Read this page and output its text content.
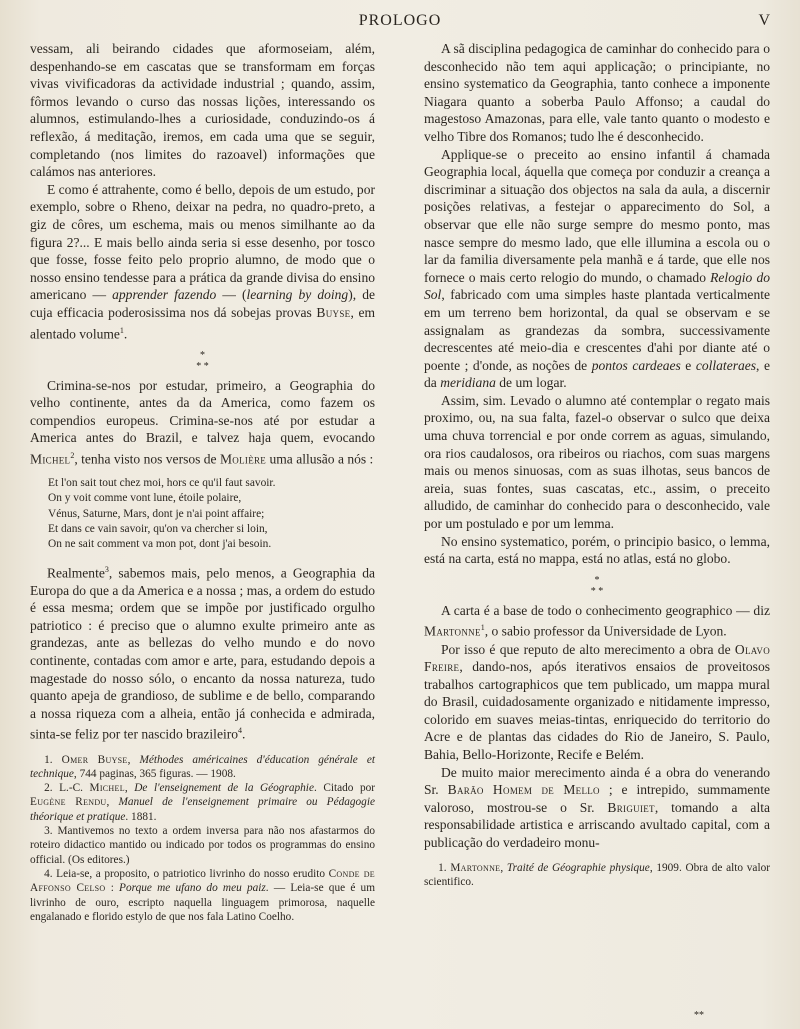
PROLOGO	V

vessam, ali beirando cidades que aformoseiam, além, despenhando-se em cascatas que se transformam em forças vivas vivificadoras da actividade industrial ; quando, assim, fôrmos levando o curso das nossas lições, interessando os alumnos, estimulando-lhes a curiosidade, conduzindo-os á reflexão, á meditação, iremos, em cada uma que se seguir, completando (nos limites do razoavel) informações que calámos nas anteriores.

E como é attrahente, como é bello, depois de um estudo, por exemplo, sobre o Rheno, deixar na pedra, no quadro-preto, a giz de côres, um eschema, mais ou menos similhante ao da figura 2?... E mais bello ainda seria si esse desenho, por tosco que fosse, fosse feito pelo proprio alumno, de modo que o nosso ensino tendesse para a prática da grande divisa do ensino americano — apprender fazendo — (learning by doing), de cuja efficacia poderosissima nos dá sobejas provas Buyse, em alentado volume$^1$.

*
* *

Crimina-se-nos por estudar, primeiro, a Geographia do velho continente, antes da da America, como fazem os compendios europeus. Crimina-se-nos até por estudar a America antes do Brazil, e talvez haja quem, evocando Michel$^2$, tenha visto nos versos de Molière uma allusão a nós :

Et l'on sait tout chez moi, hors ce qu'il faut savoir.
On y voit comme vont lune, étoile polaire,
Vénus, Saturne, Mars, dont je n'ai point affaire;
Et dans ce vain savoir, qu'on va chercher si loin,
On ne sait comment va mon pot, dont j'ai besoin.

Realmente$^3$, sabemos mais, pelo menos, a Geographia da Europa do que a da America e a nossa ; mas, a ordem do estudo é essa mesma; ordem que se impõe por justificado orgulho patriotico : é preciso que o alumno exulte primeiro ante as grandezas, ante as bellezas do velho mundo e do novo continente, contadas com amor e arte, para, estudando depois a magestade do nosso sólo, o encanto da nossa natureza, tudo quanto apeja de grandioso, de sublime e de bello, comparando a nossa riqueza com a alheia, então já conhecida e admirada, sinta-se feliz por ter nascido brazileiro$^4$.

1. Omer Buyse, Méthodes américaines d'éducation générale et technique, 744 paginas, 365 figuras. — 1908.

2. L.-C. Michel, De l'enseignement de la Géographie. Citado por Eugène Rendu, Manuel de l'enseignement primaire ou Pédagogie théorique et pratique. 1881.

3. Mantivemos no texto a ordem inversa para não nos afastarmos do roteiro didactico mantido ou indicado por todos os programmas do ensino official. (Os editores.)

4. Leia-se, a proposito, o patriotico livrinho do nosso erudito Conde de Affonso Celso : Porque me ufano do meu paiz. — Leia-se que é um livrinho de ouro, escripto naquella linguagem primorosa, naquelle engalanado e florido estylo de que nos fala Latino Coelho.

A sã disciplina pedagogica de caminhar do conhecido para o desconhecido não tem aqui applicação; o principiante, no ensino systematico da Geographia, tanto conhece a imponente Niagara quanto a soberba Paulo Affonso; a caudal do magestoso Amazonas, para elle, vale tanto quanto o modesto e velho Tibre dos Romanos; tudo lhe é desconhecido.

Applique-se o preceito ao ensino infantil á chamada Geographia local, áquella que começa por conduzir a creança a discriminar a situação dos objectos na sala da aula, a discernir posições relativas, a festejar o apparecimento do Sol, a observar que elle não surge sempre do mesmo ponto, mas nasce sempre do mesmo lado, que elle illumina a escola ou o lar da familia diversamente pela manhã e á tarde, que elle nos fornece o mais certo relogio do mundo, o chamado Relogio do Sol, fabricado com uma simples haste plantada verticalmente em um terreno bem horizontal, da qual se observam e se assignalam as grandezas da sombra, successivamente decrescentes até meio-dia e crescentes d'ahi por diante até o poente ; d'onde, as noções de pontos cardeaes e collateraes, e da meridiana de um logar.

Assim, sim. Levado o alumno até contemplar o regato mais proximo, ou, na sua falta, fazel-o observar o sulco que deixa uma chuva torrencial e por onde correm as aguas, simulando, ora rios caudalosos, ora ribeiros ou riachos, com suas margens mais ou menos sinuosas, com as suas ilhotas, seus bancos de areia, suas fontes, suas cascatas, etc., assim, o preceito alludido, de caminhar do conhecido para o desconhecido, vale por um postulado e por um lemma.

No ensino systematico, porém, o principio basico, o lemma, está na carta, está no mappa, está no atlas, está no globo.

*
* *

A carta é a base de todo o conhecimento geographico — diz Martonne$^1$, o sabio professor da Universidade de Lyon.

Por isso é que reputo de alto merecimento a obra de Olavo Freire, dando-nos, após iterativos ensaios de proveitosos trabalhos cartographicos que tem publicado, um mappa mural do Brasil, cuidadosamente organizado e nitidamente impresso, colorido em suaves meias-tintas, enriquecido do territorio do Acre e de plantas das cidades do Rio de Janeiro, S. Paulo, Bahia, Bello-Horizonte, Recife e Belém.

De muito maior merecimento ainda é a obra do venerando Sr. Barão Homem de Mello ; e intrepido, summamente valoroso, mostrou-se o Sr. Briguiet, tomando a alta responsabilidade artistica e arriscando avultado capital, com a publicação do verdadeiro monu-

1. Martonne, Traité de Géographie physique, 1909. Obra de alto valor scientifico.

**
